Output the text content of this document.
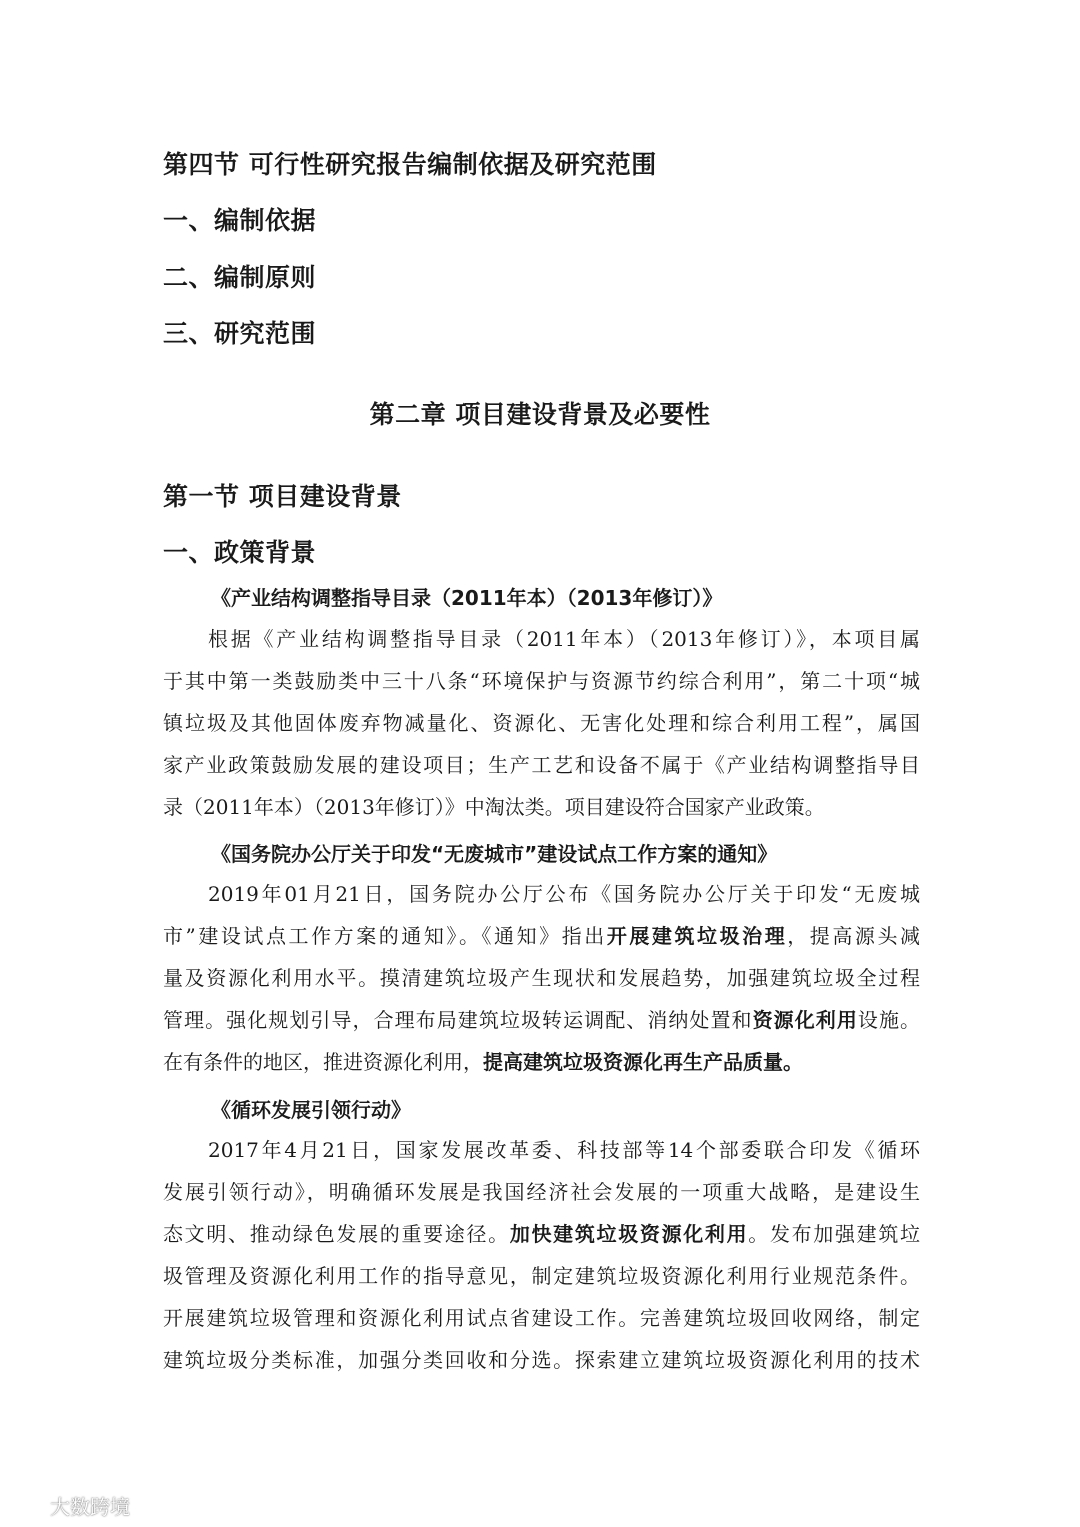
第四节 可行性研究报告编制依据及研究范围
一、编制依据
二、编制原则
三、研究范围
第二章 项目建设背景及必要性
第一节 项目建设背景
一、政策背景
《产业结构调整指导目录（2011年本）（2013年修订）》
根据《产业结构调整指导目录（2011年本）（2013年修订）》，本项目属
于其中第一类鼓励类中三十八条“环境保护与资源节约综合利用”，第二十项“城
镇垃圾及其他固体废弃物减量化、资源化、无害化处理和综合利用工程”，属国
家产业政策鼓励发展的建设项目；生产工艺和设备不属于《产业结构调整指导目
录（2011年本）（2013年修订）》中淘汰类。项目建设符合国家产业政策。
《国务院办公厅关于印发“无废城市”建设试点工作方案的通知》
2019年01月21日，国务院办公厅公布《国务院办公厅关于印发“无废城
市”建设试点工作方案的通知》。《通知》指出开展建筑垃圾治理，提高源头减
量及资源化利用水平。摸清建筑垃圾产生现状和发展趋势，加强建筑垃圾全过程
管理。强化规划引导，合理布局建筑垃圾转运调配、消纳处置和资源化利用设施。
在有条件的地区，推进资源化利用，提高建筑垃圾资源化再生产品质量。
《循环发展引领行动》
2017年4月21日，国家发展改革委、科技部等14个部委联合印发《循环
发展引领行动》，明确循环发展是我国经济社会发展的一项重大战略，是建设生
态文明、推动绿色发展的重要途径。加快建筑垃圾资源化利用。发布加强建筑垃
圾管理及资源化利用工作的指导意见，制定建筑垃圾资源化利用行业规范条件。
开展建筑垃圾管理和资源化利用试点省建设工作。完善建筑垃圾回收网络，制定
建筑垃圾分类标准，加强分类回收和分选。探索建立建筑垃圾资源化利用的技术
大数跨境
